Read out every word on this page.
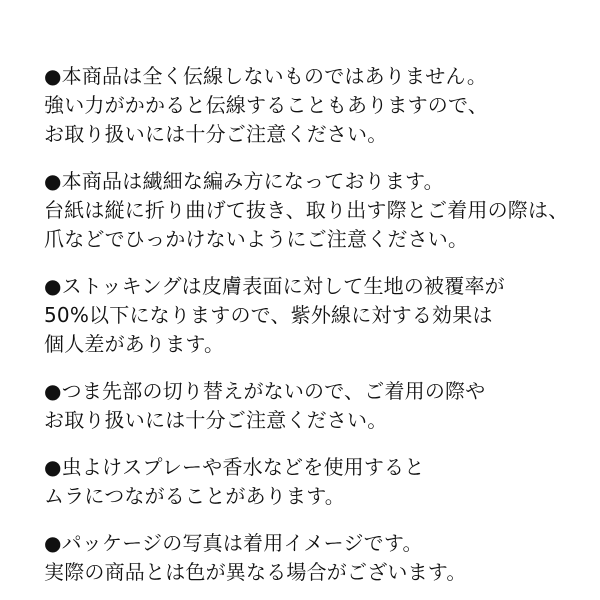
●本商品は全く伝線しないものではありません。
強い力がかかると伝線することもありますので、
お取り扱いには十分ご注意ください。
●本商品は繊細な編み方になっております。
台紙は縦に折り曲げて抜き、取り出す際とご着用の際は、
爪などでひっかけないようにご注意ください。
●ストッキングは皮膚表面に対して生地の被覆率が
50%以下になりますので、紫外線に対する効果は
個人差があります。
●つま先部の切り替えがないので、ご着用の際や
お取り扱いには十分ご注意ください。
●虫よけスプレーや香水などを使用すると
ムラにつながることがあります。
●パッケージの写真は着用イメージです。
実際の商品とは色が異なる場合がございます。
